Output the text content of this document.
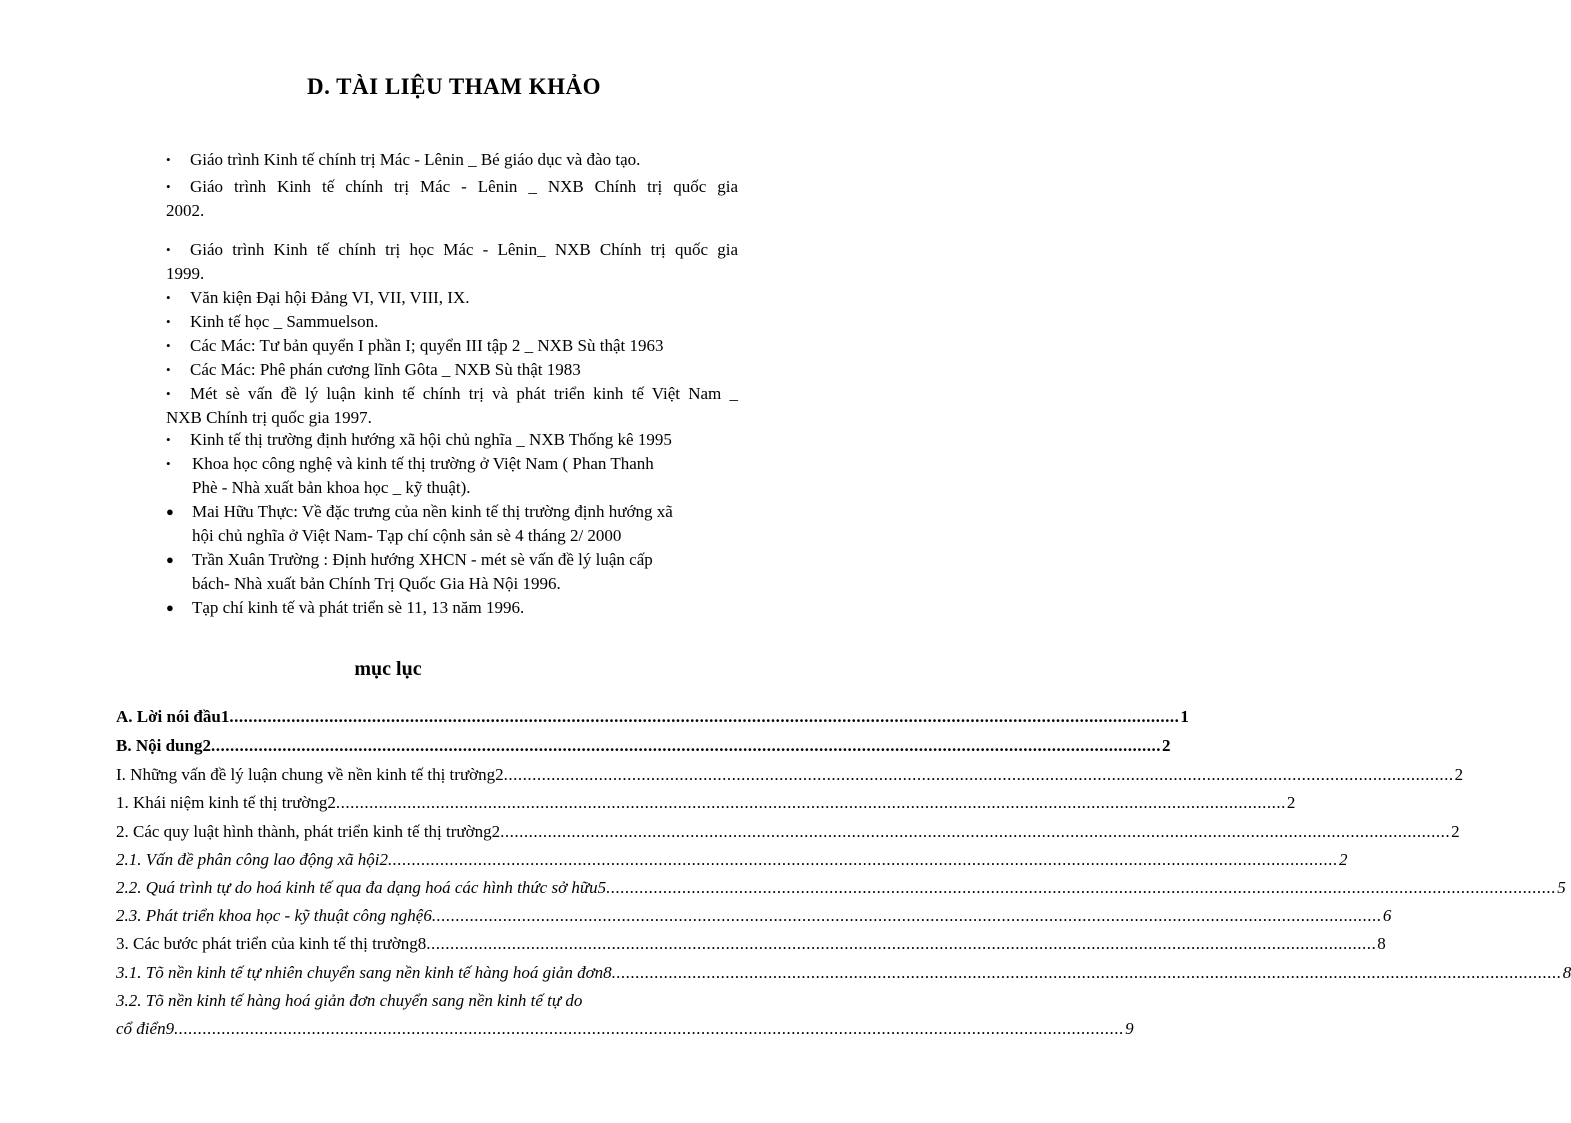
D. TÀI LIỆU THAM KHẢO
• Giáo trình Kinh tế chính trị Mác - Lênin _ Bé giáo dục và đào tạo.
•	Giáo trình Kinh tế chính trị Mác - Lênin _ NXB Chính trị quốc gia
2002.
•	Giáo trình Kinh tế chính trị học Mác - Lênin_ NXB Chính trị quốc gia
1999.
• Văn kiện Đại hội Đảng VI, VII, VIII, IX.
• Kinh tế học _ Sammuelson.
• Các Mác: Tư bản quyển I phần I; quyển III tập 2 _ NXB Sù thật 1963
• Các Mác: Phê phán cương lĩnh Gôta _ NXB Sù thật 1983
•	Mét sè vấn đề lý luận kinh tế chính trị và phát triển kinh tế Việt Nam _
NXB Chính trị quốc gia 1997.
• Kinh tế thị trường định hướng xã hội chủ nghĩa _ NXB Thống kê 1995
• Khoa học công nghệ và kinh tế thị trường ở Việt Nam ( Phan Thanh
Phè - Nhà xuất bản khoa học _ kỹ thuật).
● Mai Hữu Thực: Về đặc trưng của nền kinh tế thị trường định hướng xã
hội chủ nghĩa ở Việt Nam- Tạp chí cộnh sản sè 4 tháng 2/ 2000
● Trần Xuân Trường : Định hướng XHCN - mét sè vấn đề lý luận cấp
bách- Nhà xuất bản Chính Trị Quốc Gia Hà Nội 1996.
● Tạp chí kinh tế và phát triển sè 11, 13 năm 1996.
mục lục
A. Lời nói đầu1 ........................................................................................................................................................................................................ 1
B. Nội dung2 ........................................................................................................................................................................................................ 2
I. Những vấn đề lý luận chung về nền kinh tế thị trường2 ........................................................................................................................................................................................................ 2
1. Khái niệm kinh tế thị trường2 ........................................................................................................................................................................................................ 2
2. Các quy luật hình thành, phát triển kinh tế thị trường2 ........................................................................................................................................................................................................ 2
2.1. Vấn đề phân công lao động xã hội2 ........................................................................................................................................................................................................ 2
2.2. Quá trình tự do hoá kinh tế qua đa dạng hoá các hình thức sở hữu5 ........................................................................................................................................................................................................ 5
2.3. Phát triển khoa học - kỹ thuật công nghệ6 ........................................................................................................................................................................................................ 6
3. Các bước phát triển của kinh tế thị trường8 ........................................................................................................................................................................................................ 8
3.1. Tõ nền kinh tế tự nhiên chuyển sang nền kinh tế hàng hoá giản đơn8 ........................................................................................................................................................................................................ 8
3.2. Tõ nền kinh tế hàng hoá giản đơn chuyển sang nền kinh tế tự do
cổ điển9 ........................................................................................................................................................................................................ 9
